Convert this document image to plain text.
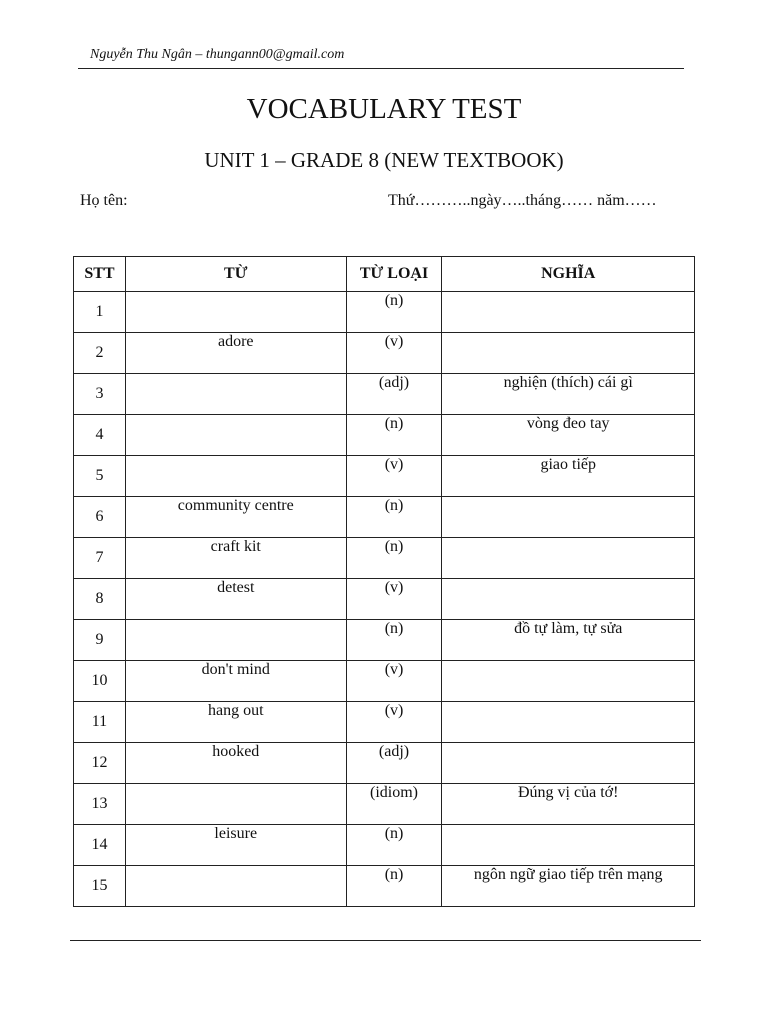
Nguyễn Thu Ngân – thungann00@gmail.com
VOCABULARY TEST
UNIT 1 – GRADE 8 (NEW TEXTBOOK)
Họ tên:	Thứ………..ngày…..tháng…… năm……
STT	TỪ	TỪ LOẠI	NGHĨA
1		(n)	
2	adore	(v)	
3		(adj)	nghiện (thích) cái gì
4		(n)	vòng đeo tay
5		(v)	giao tiếp
6	community centre	(n)	
7	craft kit	(n)	
8	detest	(v)	
9		(n)	đồ tự làm, tự sửa
10	don't mind	(v)	
11	hang out	(v)	
12	hooked	(adj)	
13		(idiom)	Đúng vị của tớ!
14	leisure	(n)	
15		(n)	ngôn ngữ giao tiếp trên mạng
